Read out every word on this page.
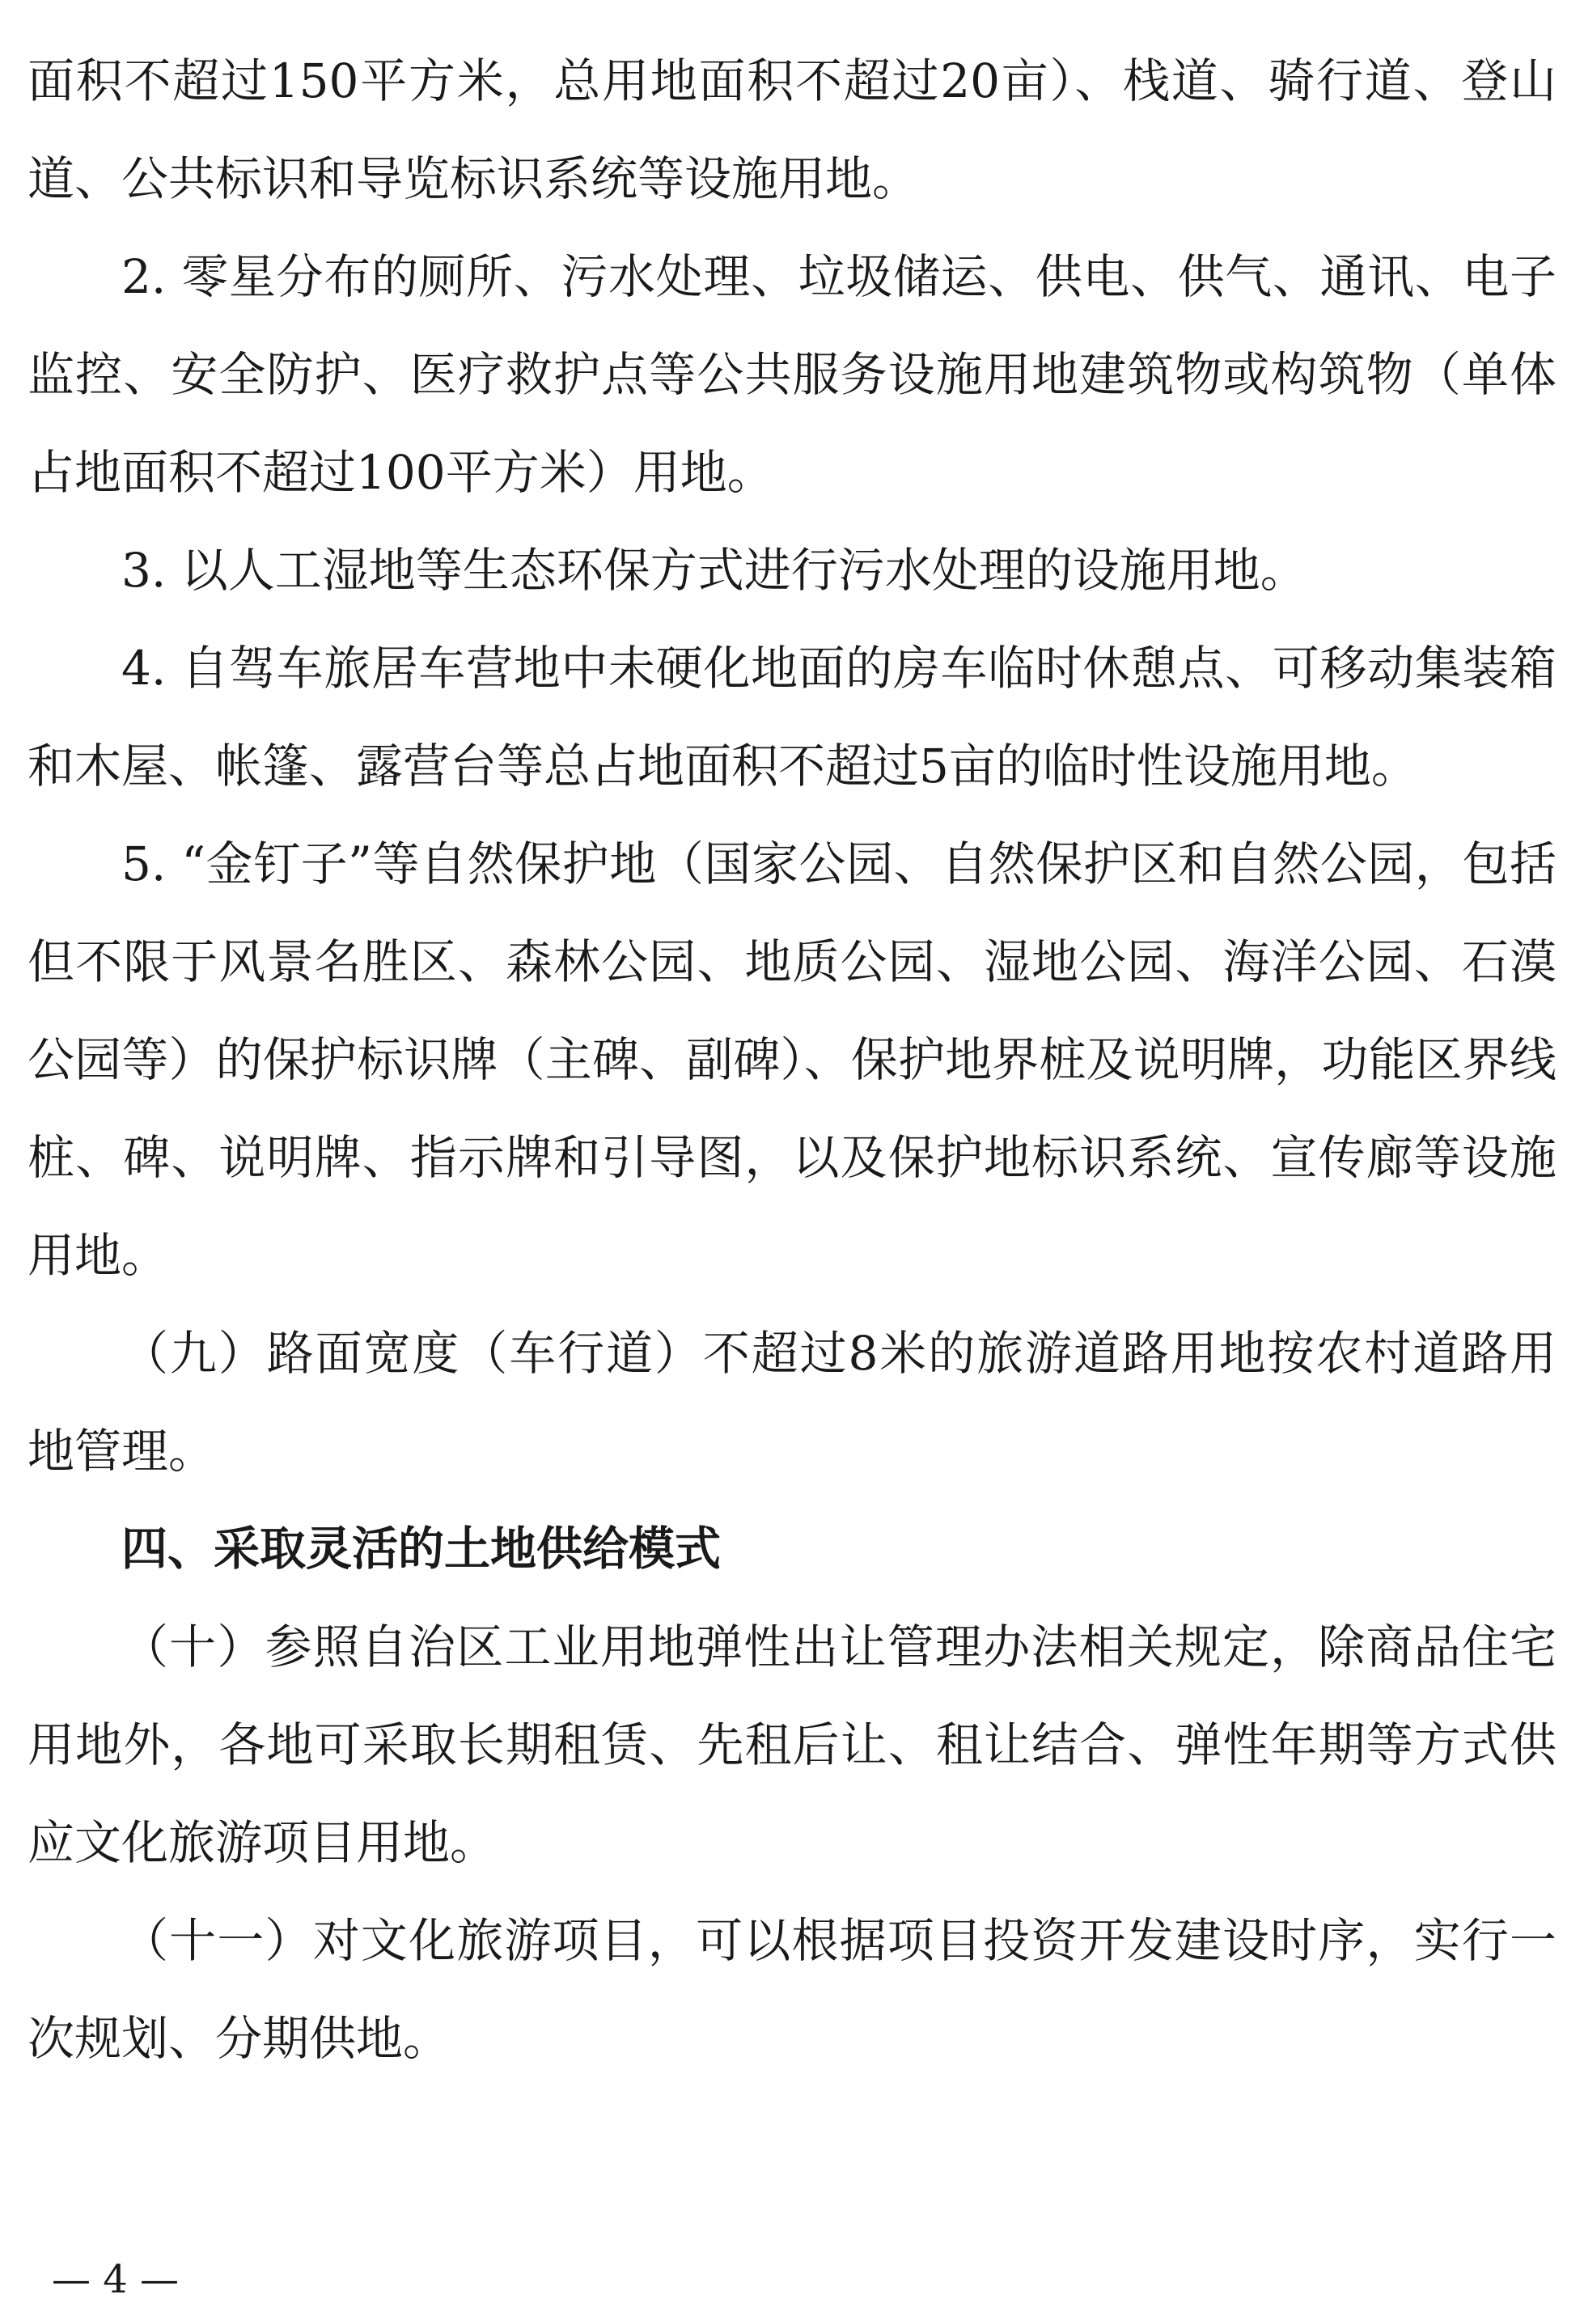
面积不超过150平方米，总用地面积不超过20亩）、栈道、骑行道、登山道、公共标识和导览标识系统等设施用地。

2. 零星分布的厕所、污水处理、垃圾储运、供电、供气、通讯、电子监控、安全防护、医疗救护点等公共服务设施用地建筑物或构筑物（单体占地面积不超过100平方米）用地。

3. 以人工湿地等生态环保方式进行污水处理的设施用地。

4. 自驾车旅居车营地中未硬化地面的房车临时休憩点、可移动集装箱和木屋、帐篷、露营台等总占地面积不超过5亩的临时性设施用地。

5. “金钉子”等自然保护地（国家公园、自然保护区和自然公园，包括但不限于风景名胜区、森林公园、地质公园、湿地公园、海洋公园、石漠公园等）的保护标识牌（主碑、副碑）、保护地界桩及说明牌，功能区界线桩、碑、说明牌、指示牌和引导图，以及保护地标识系统、宣传廊等设施用地。

（九）路面宽度（车行道）不超过8米的旅游道路用地按农村道路用地管理。

四、采取灵活的土地供给模式

（十）参照自治区工业用地弹性出让管理办法相关规定，除商品住宅用地外，各地可采取长期租赁、先租后让、租让结合、弹性年期等方式供应文化旅游项目用地。

（十一）对文化旅游项目，可以根据项目投资开发建设时序，实行一次规划、分期供地。

— 4 —
